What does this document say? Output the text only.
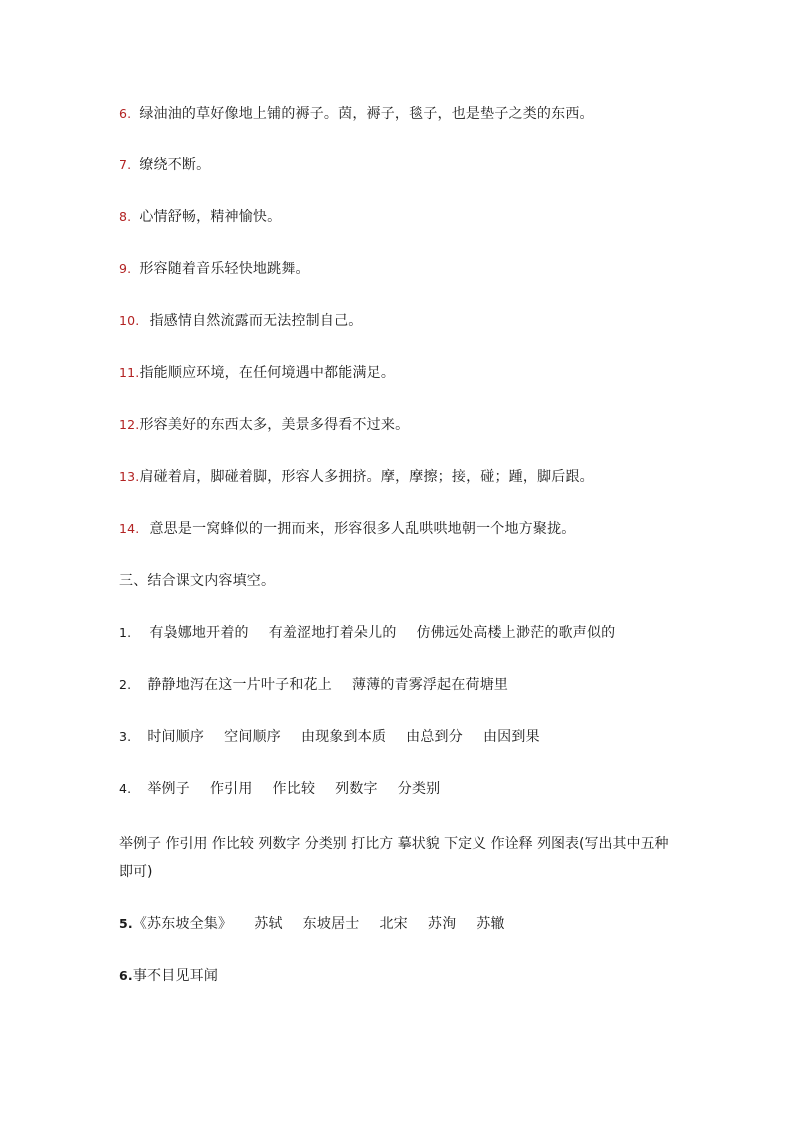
6. 绿油油的草好像地上铺的褥子。茵，褥子，毯子，也是垫子之类的东西。
7. 缭绕不断。
8. 心情舒畅，精神愉快。
9. 形容随着音乐轻快地跳舞。
10. 指感情自然流露而无法控制自己。
11.指能顺应环境，在任何境遇中都能满足。
12.形容美好的东西太多，美景多得看不过来。
13.肩碰着肩，脚碰着脚，形容人多拥挤。摩，摩擦；接，碰；踵，脚后跟。
14. 意思是一窝蜂似的一拥而来，形容很多人乱哄哄地朝一个地方聚拢。
三、结合课文内容填空。
1. 有袅娜地开着的 有羞涩地打着朵儿的 仿佛远处高楼上渺茫的歌声似的
2. 静静地泻在这一片叶子和花上 薄薄的青雾浮起在荷塘里
3. 时间顺序 空间顺序 由现象到本质 由总到分 由因到果
4. 举例子 作引用 作比较 列数字 分类别
举例子 作引用 作比较 列数字 分类别 打比方 摹状貌 下定义 作诠释 列图表(写出其中五种即可)
5.《苏东坡全集》 苏轼 东坡居士 北宋 苏洵 苏辙
6.事不目见耳闻
